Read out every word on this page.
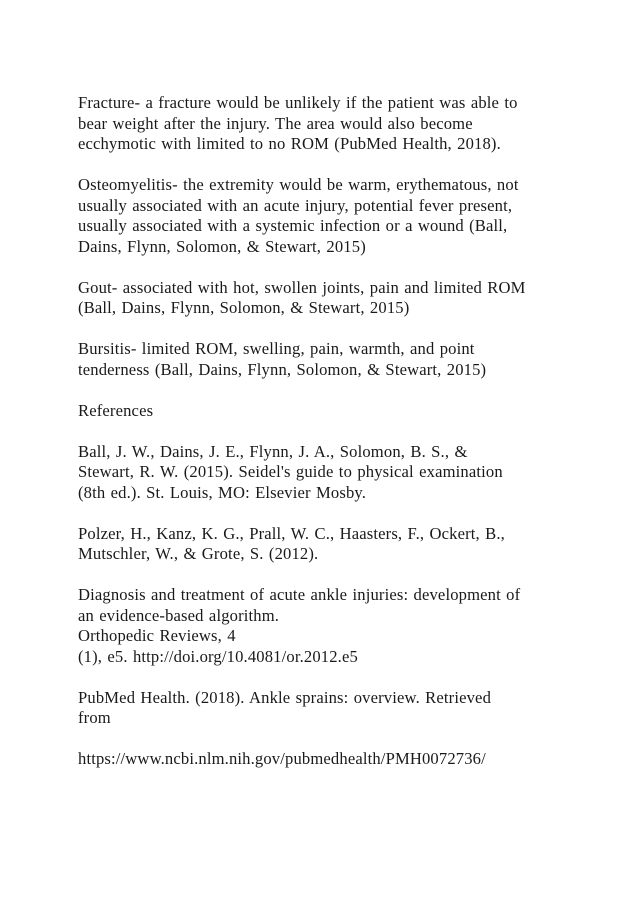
Fracture- a fracture would be unlikely if the patient was able to
bear weight after the injury. The area would also become
ecchymotic with limited to no ROM (PubMed Health, 2018).
Osteomyelitis- the extremity would be warm, erythematous, not
usually associated with an acute injury, potential fever present,
usually associated with a systemic infection or a wound (Ball,
Dains, Flynn, Solomon, & Stewart, 2015)
Gout- associated with hot, swollen joints, pain and limited ROM
(Ball, Dains, Flynn, Solomon, & Stewart, 2015)
Bursitis- limited ROM, swelling, pain, warmth, and point
tenderness (Ball, Dains, Flynn, Solomon, & Stewart, 2015)
References
Ball, J. W., Dains, J. E., Flynn, J. A., Solomon, B. S., &
Stewart, R. W. (2015). Seidel's guide to physical examination
(8th ed.). St. Louis, MO: Elsevier Mosby.
Polzer, H., Kanz, K. G., Prall, W. C., Haasters, F., Ockert, B.,
Mutschler, W., & Grote, S. (2012).
Diagnosis and treatment of acute ankle injuries: development of
an evidence-based algorithm.
Orthopedic Reviews, 4
(1), e5. http://doi.org/10.4081/or.2012.e5
PubMed Health. (2018). Ankle sprains: overview. Retrieved
from
https://www.ncbi.nlm.nih.gov/pubmedhealth/PMH0072736/
